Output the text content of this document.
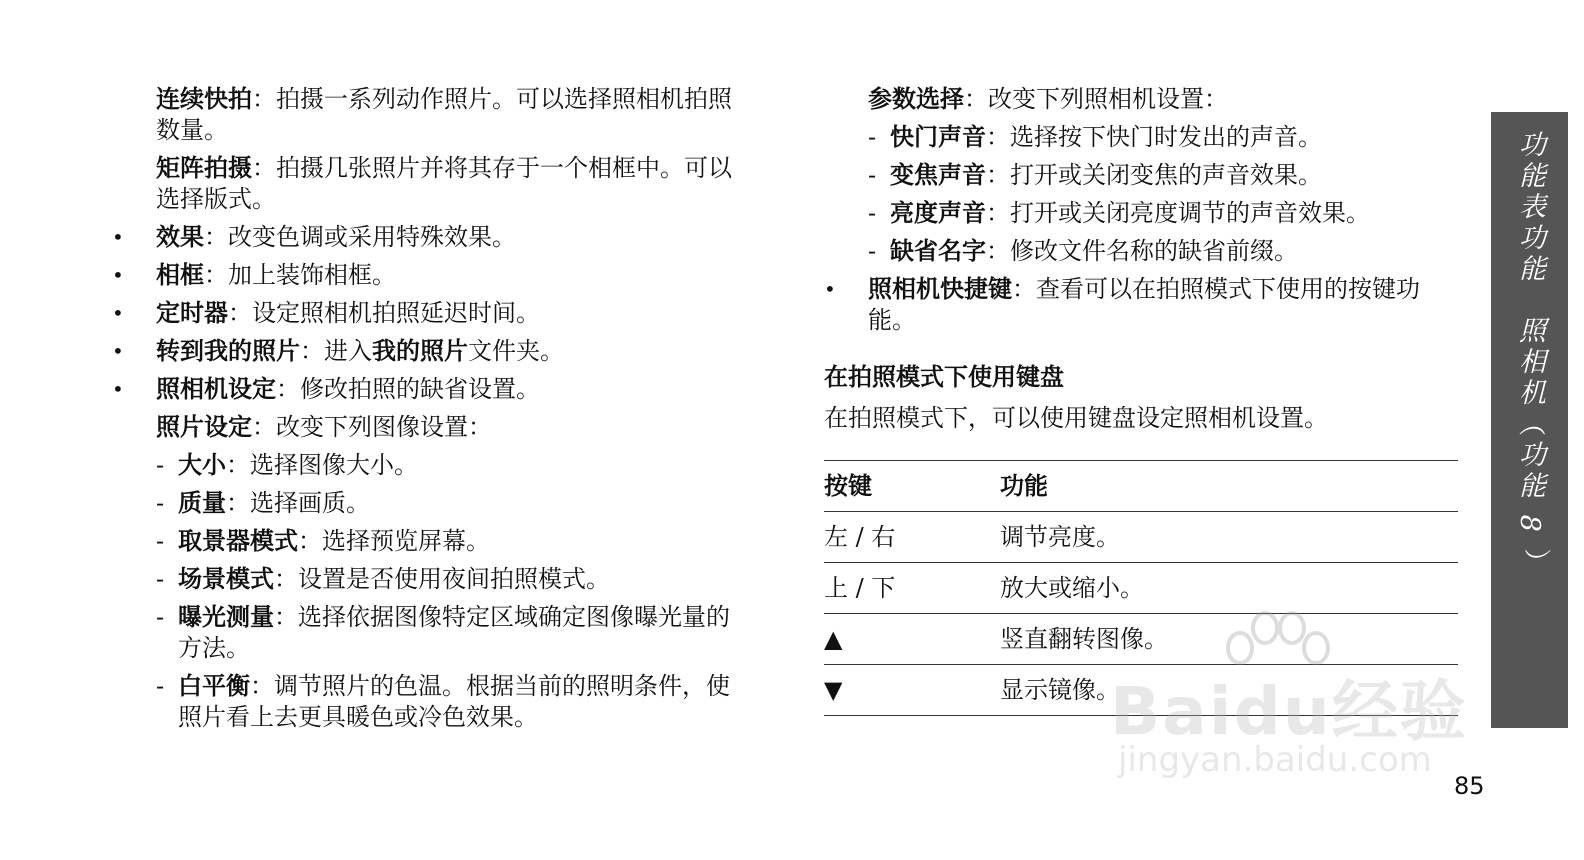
连续快拍：拍摄一系列动作照片。可以选择照相机拍照数量。
矩阵拍摄：拍摄几张照片并将其存于一个相框中。可以选择版式。
• 效果：改变色调或采用特殊效果。
• 相框：加上装饰相框。
• 定时器：设定照相机拍照延迟时间。
• 转到我的照片：进入我的照片文件夹。
• 照相机设定：修改拍照的缺省设置。
照片设定：改变下列图像设置：
- 大小：选择图像大小。
- 质量：选择画质。
- 取景器模式：选择预览屏幕。
- 场景模式：设置是否使用夜间拍照模式。
- 曝光测量：选择依据图像特定区域确定图像曝光量的方法。
- 白平衡：调节照片的色温。根据当前的照明条件，使照片看上去更具暖色或冷色效果。
参数选择：改变下列照相机设置：
- 快门声音：选择按下快门时发出的声音。
- 变焦声音：打开或关闭变焦的声音效果。
- 亮度声音：打开或关闭亮度调节的声音效果。
- 缺省名字：修改文件名称的缺省前缀。
• 照相机快捷键：查看可以在拍照模式下使用的按键功能。
在拍照模式下使用键盘
在拍照模式下，可以使用键盘设定照相机设置。
按键	功能
左 / 右	调节亮度。
上 / 下	放大或缩小。
▲	竖直翻转图像。
▼	显示镜像。
功能表功能　照相机（功能 8 ）
85
Baidu经验
jingyan.baidu.com
